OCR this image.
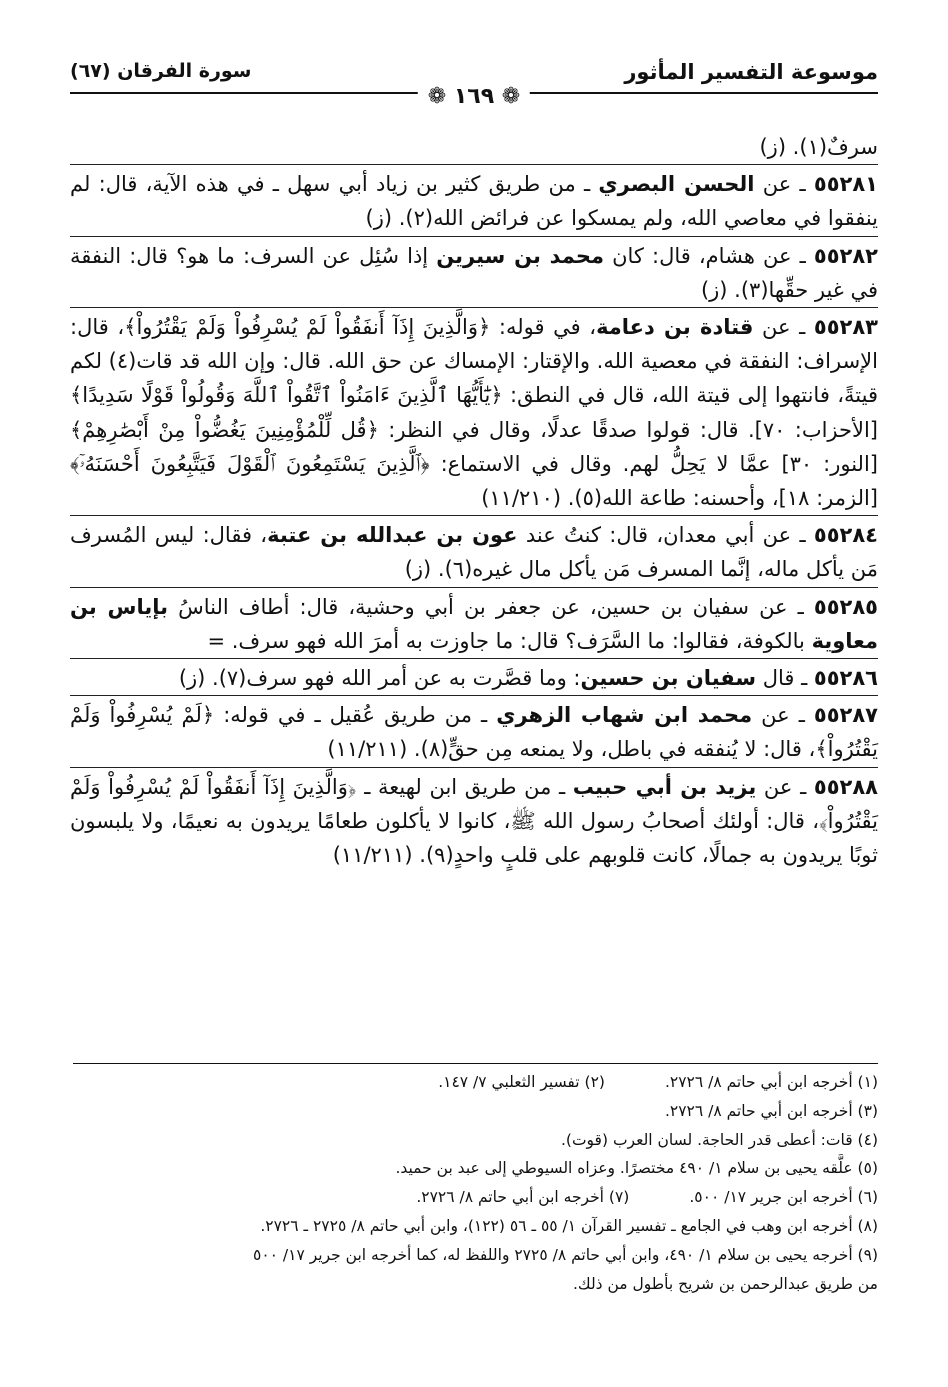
موسوعة التفسير المأثور
سورة الفرقان (٦٧)
❁ ١٦٩ ❁

سرفٌ(١). (ز)

٥٥٢٨١ ـ عن الحسن البصري ـ من طريق كثير بن زياد أبي سهل ـ في هذه الآية، قال: لم ينفقوا في معاصي الله، ولم يمسكوا عن فرائض الله(٢). (ز)

٥٥٢٨٢ ـ عن هشام، قال: كان محمد بن سيرين إذا سُئِل عن السرف: ما هو؟ قال: النفقة في غير حقِّها(٣). (ز)

٥٥٢٨٣ ـ عن قتادة بن دعامة، في قوله: ﴿وَالَّذِينَ إِذَآ أَنفَقُواْ لَمْ يُسْرِفُواْ وَلَمْ يَقْتُرُواْ﴾، قال: الإسراف: النفقة في معصية الله. والإقتار: الإمساك عن حق الله. قال: وإن الله قد قات(٤) لكم قيتةً، فانتهوا إلى قيتة الله، قال في النطق: ﴿يَٰٓأَيُّهَا ٱلَّذِينَ ءَامَنُواْ ٱتَّقُواْ ٱللَّهَ وَقُولُواْ قَوْلًا سَدِيدًا﴾ [الأحزاب: ٧٠]. قال: قولوا صدقًا عدلًا، وقال في النظر: ﴿قُل لِّلْمُؤْمِنِينَ يَغُضُّواْ مِنْ أَبْصَٰرِهِمْ﴾ [النور: ٣٠] عمَّا لا يَحِلُّ لهم. وقال في الاستماع: ﴿ٱلَّذِينَ يَسْتَمِعُونَ ٱلْقَوْلَ فَيَتَّبِعُونَ أَحْسَنَهُۥٓ﴾ [الزمر: ١٨]، وأحسنه: طاعة الله(٥). (١١/٢١٠)

٥٥٢٨٤ ـ عن أبي معدان، قال: كنتُ عند عون بن عبدالله بن عتبة، فقال: ليس المُسرف مَن يأكل ماله، إنَّما المسرف مَن يأكل مال غيره(٦). (ز)

٥٥٢٨٥ ـ عن سفيان بن حسين، عن جعفر بن أبي وحشية، قال: أطاف الناسُ بإياس بن معاوية بالكوفة، فقالوا: ما السَّرَف؟ قال: ما جاوزت به أمرَ الله فهو سرف. =

٥٥٢٨٦ ـ قال سفيان بن حسين: وما قصَّرت به عن أمر الله فهو سرف(٧). (ز)

٥٥٢٨٧ ـ عن محمد ابن شهاب الزهري ـ من طريق عُقيل ـ في قوله: ﴿لَمْ يُسْرِفُواْ وَلَمْ يَقْتُرُواْ﴾، قال: لا يُنفقه في باطل، ولا يمنعه مِن حقٍّ(٨). (١١/٢١١)

٥٥٢٨٨ ـ عن يزيد بن أبي حبيب ـ من طريق ابن لهيعة ـ ﴿وَالَّذِينَ إِذَآ أَنفَقُواْ لَمْ يُسْرِفُواْ وَلَمْ يَقْتُرُواْ﴾، قال: أولئك أصحابُ رسول الله ﷺ، كانوا لا يأكلون طعامًا يريدون به نعيمًا، ولا يلبسون ثوبًا يريدون به جمالًا، كانت قلوبهم على قلبٍ واحدٍ(٩). (١١/٢١١)

(١) أخرجه ابن أبي حاتم ٨/ ٢٧٢٦.
(٢) تفسير الثعلبي ٧/ ١٤٧.

(٣) أخرجه ابن أبي حاتم ٨/ ٢٧٢٦.

(٤) قات: أعطى قدر الحاجة. لسان العرب (قوت).

(٥) علَّقه يحيى بن سلام ١/ ٤٩٠ مختصرًا. وعزاه السيوطي إلى عبد بن حميد.

(٦) أخرجه ابن جرير ١٧/ ٥٠٠.
(٧) أخرجه ابن أبي حاتم ٨/ ٢٧٢٦.

(٨) أخرجه ابن وهب في الجامع ـ تفسير القرآن ١/ ٥٥ ـ ٥٦ (١٢٢)، وابن أبي حاتم ٨/ ٢٧٢٥ ـ ٢٧٢٦.

(٩) أخرجه يحيى بن سلام ١/ ٤٩٠، وابن أبي حاتم ٨/ ٢٧٢٥ واللفظ له، كما أخرجه ابن جرير ١٧/ ٥٠٠

من طريق عبدالرحمن بن شريح بأطول من ذلك.
